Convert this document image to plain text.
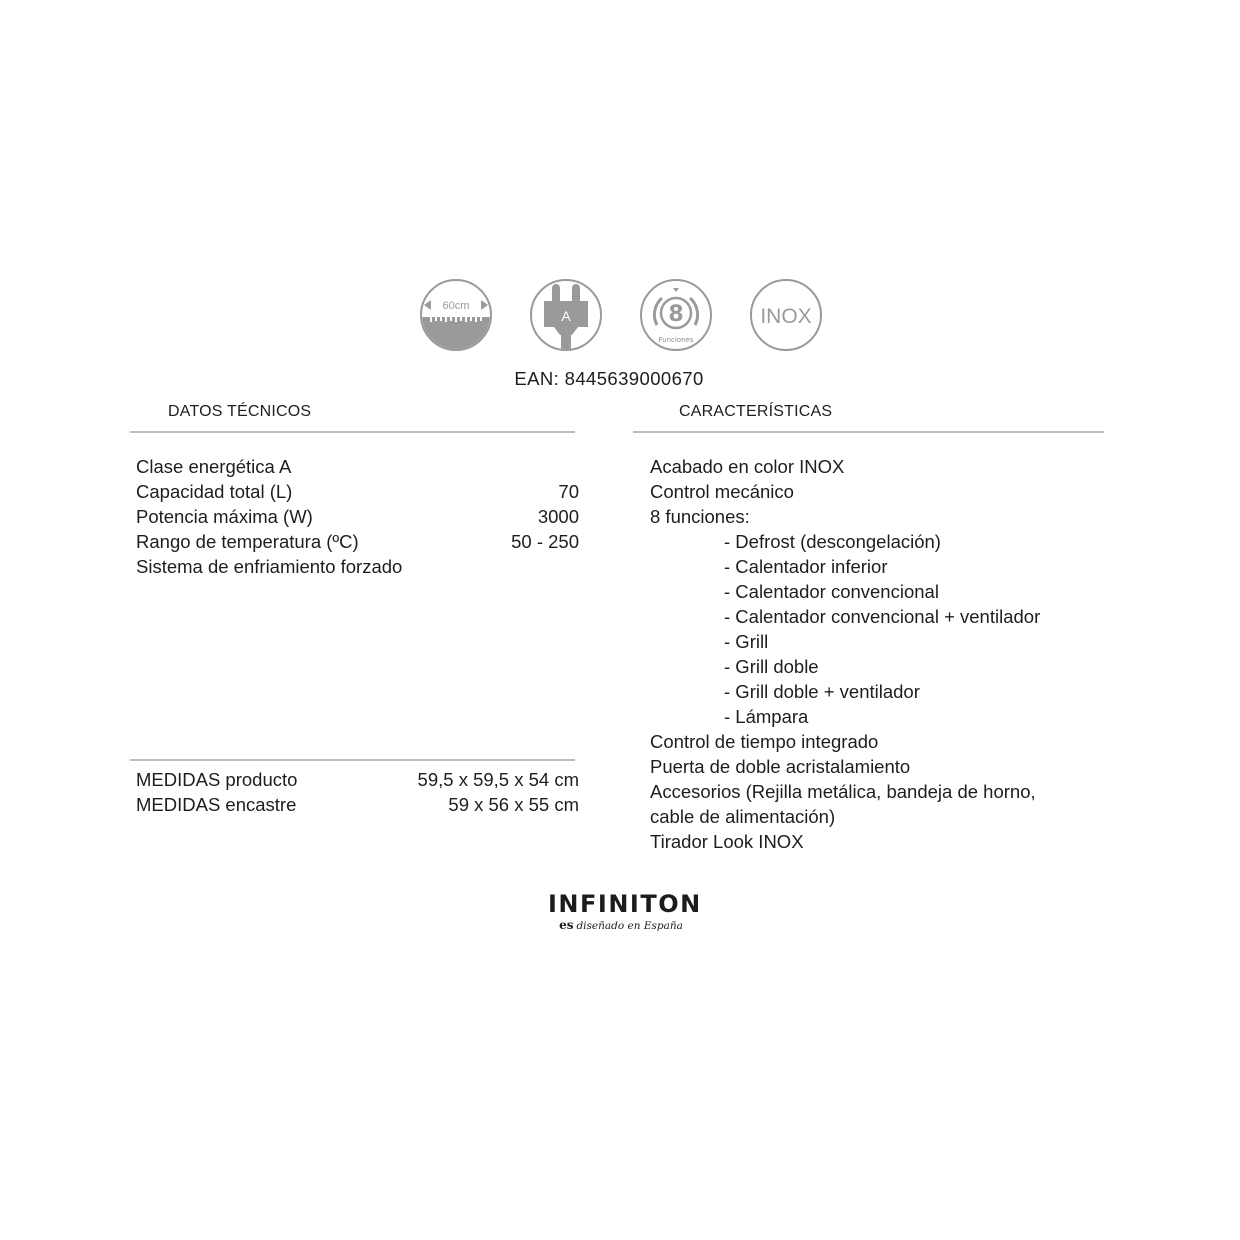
60cm
A	8
Funciones
INOX
EAN: 8445639000670
DATOS TÉCNICOS	CARACTERÍSTICAS
Clase energética A
Capacidad total (L)	70
Potencia máxima (W)	3000
Rango de temperatura (ºC)	50 - 250
Sistema de enfriamiento forzado
MEDIDAS producto	59,5 x 59,5 x 54 cm
MEDIDAS encastre	59 x 56 x 55 cm
Acabado en color INOX
Control mecánico
8 funciones:
- Defrost (descongelación)
- Calentador inferior
- Calentador convencional
- Calentador convencional + ventilador
- Grill
- Grill doble
- Grill doble + ventilador
- Lámpara
Control de tiempo integrado
Puerta de doble acristalamiento
Accesorios (Rejilla metálica, bandeja de horno,
cable de alimentación)
Tirador Look INOX
INFINITON
es diseñado en España
